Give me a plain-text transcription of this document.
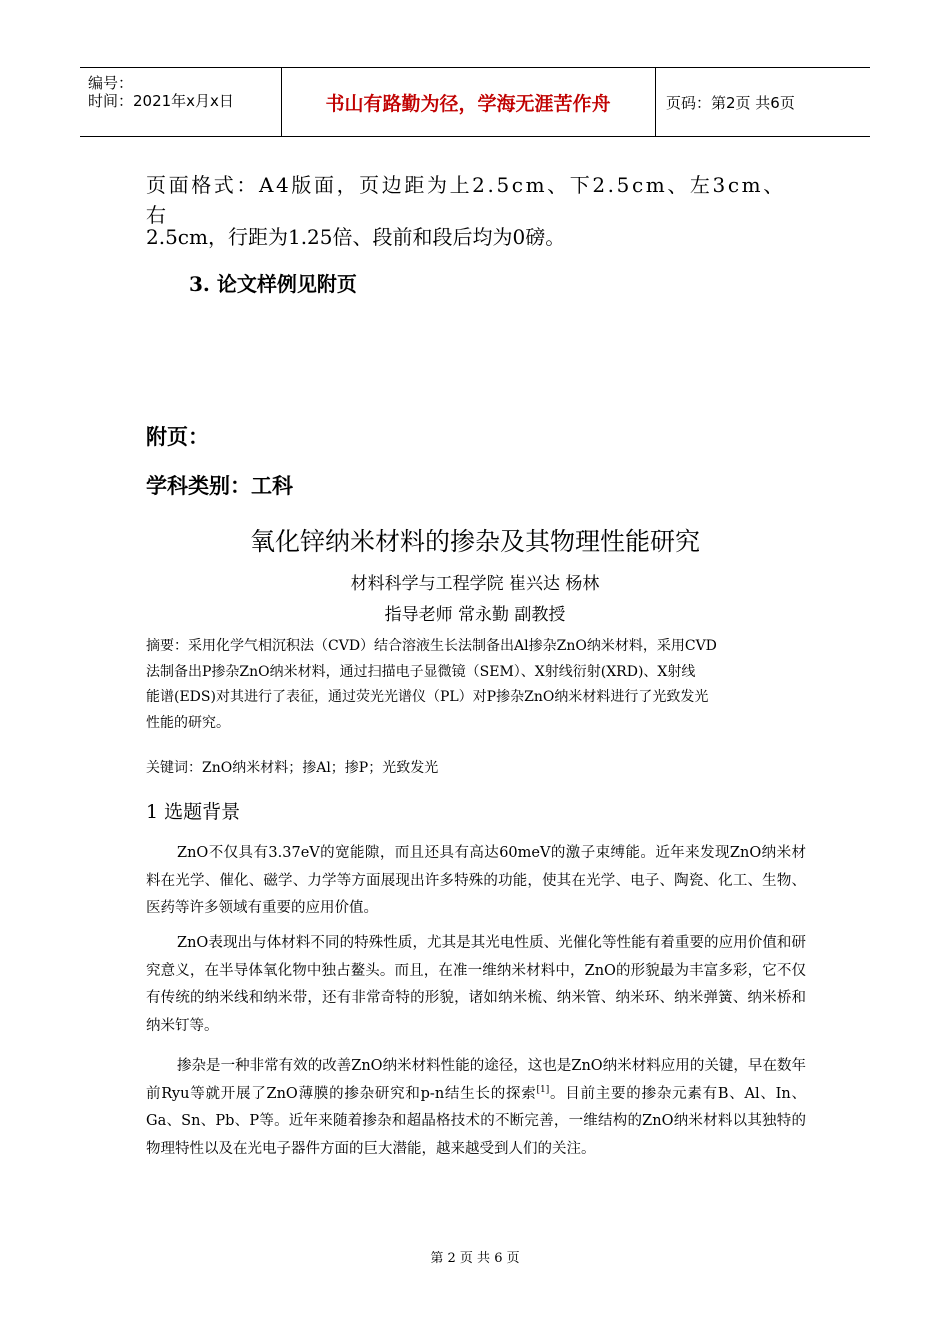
编号：
时间：2021年x月x日	书山有路勤为径，学海无涯苦作舟	页码：第2页 共6页
页面格式：A4版面，页边距为上2.5cm、下2.5cm、左3cm、右
2.5cm，行距为1.25倍、段前和段后均为0磅。
3. 论文样例见附页
附页：
学科类别：工科
氧化锌纳米材料的掺杂及其物理性能研究
材料科学与工程学院 崔兴达 杨林
指导老师 常永勤 副教授
摘要：采用化学气相沉积法（CVD）结合溶液生长法制备出Al掺杂ZnO纳米材料，采用CVD
法制备出P掺杂ZnO纳米材料，通过扫描电子显微镜（SEM）、X射线衍射(XRD)、X射线
能谱(EDS)对其进行了表征，通过荧光光谱仪（PL）对P掺杂ZnO纳米材料进行了光致发光
性能的研究。
关键词：ZnO纳米材料；掺Al；掺P；光致发光
1 选题背景
ZnO不仅具有3.37eV的宽能隙，而且还具有高达60meV的激子束缚能。近年来发现ZnO纳米材料在光学、催化、磁学、力学等方面展现出许多特殊的功能，使其在光学、电子、陶瓷、化工、生物、医药等许多领域有重要的应用价值。
ZnO表现出与体材料不同的特殊性质，尤其是其光电性质、光催化等性能有着重要的应用价值和研究意义，在半导体氧化物中独占鳌头。而且，在准一维纳米材料中，ZnO的形貌最为丰富多彩，它不仅有传统的纳米线和纳米带，还有非常奇特的形貌，诸如纳米梳、纳米管、纳米环、纳米弹簧、纳米桥和纳米钉等。
掺杂是一种非常有效的改善ZnO纳米材料性能的途径，这也是ZnO纳米材料应用的关键，早在数年前Ryu等就开展了ZnO薄膜的掺杂研究和p-n结生长的探索[1]。目前主要的掺杂元素有B、Al、In、Ga、Sn、Pb、P等。近年来随着掺杂和超晶格技术的不断完善，一维结构的ZnO纳米材料以其独特的物理特性以及在光电子器件方面的巨大潜能，越来越受到人们的关注。
第 2 页 共 6 页
